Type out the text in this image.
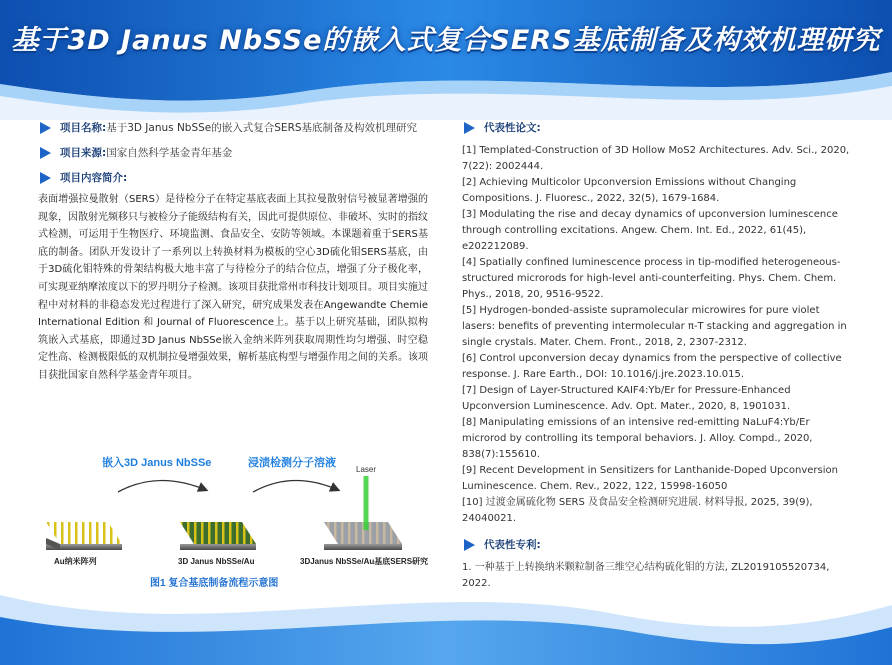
基于3D Janus NbSSe的嵌入式复合SERS基底制备及构效机理研究
项目名称: 基于3D Janus NbSSe的嵌入式复合SERS基底制备及构效机理研究
项目来源: 国家自然科学基金青年基金
项目内容简介:

表面增强拉曼散射（SERS）是待检分子在特定基底表面上其拉曼散射信号被显著增强的现象，因散射光频移只与被检分子能级结构有关，因此可提供原位、非破坏、实时的指纹式检测，可运用于生物医疗、环境监测、食品安全、安防等领域。本课题着重于SERS基底的制备。团队开发设计了一系列以上转换材料为模板的空心3D硫化钼SERS基底，由于3D硫化钼特殊的骨架结构极大地丰富了与待检分子的结合位点，增强了分子极化率，可实现亚纳摩浓度以下的罗丹明分子检测。该项目获批常州市科技计划项目。项目实施过程中对材料的非稳态发光过程进行了深入研究，研究成果发表在Angewandte Chemie International Edition 和 Journal of Fluorescence上。基于以上研究基础，团队拟构筑嵌入式基底，即通过3D Janus NbSSe嵌入金纳米阵列获取周期性均匀增强、时空稳定性高、检测极限低的双机制拉曼增强效果，解析基底构型与增强作用之间的关系。该项目获批国家自然科学基金青年项目。

嵌入3D Janus NbSSe	浸渍检测分子溶液
Laser
Au纳米阵列	3D Janus NbSSe/Au	3DJanus NbSSe/Au基底SERS研究
图1 复合基底制备流程示意图
代表性论文:
[1] Templated-Construction of 3D Hollow MoS2 Architectures. Adv. Sci., 2020, 7(22): 2002444.
[2] Achieving Multicolor Upconversion Emissions without Changing Compositions. J. Fluoresc., 2022, 32(5), 1679-1684.
[3] Modulating the rise and decay dynamics of upconversion luminescence through controlling excitations. Angew. Chem. Int. Ed., 2022, 61(45), e202212089.
[4] Spatially confined luminescence process in tip-modified heterogeneous-structured microrods for high-level anti-counterfeiting. Phys. Chem. Chem. Phys., 2018, 20, 9516-9522.
[5] Hydrogen-bonded-assiste supramolecular microwires for pure violet lasers: benefits of preventing intermolecular π-T stacking and aggregation in single crystals. Mater. Chem. Front., 2018, 2, 2307-2312.
[6] Control upconversion decay dynamics from the perspective of collective response. J. Rare Earth., DOI: 10.1016/j.jre.2023.10.015.
[7] Design of Layer-Structured KAIF4:Yb/Er for Pressure-Enhanced Upconversion Luminescence. Adv. Opt. Mater., 2020, 8, 1901031.
[8] Manipulating emissions of an intensive red-emitting NaLuF4:Yb/Er microrod by controlling its temporal behaviors. J. Alloy. Compd., 2020, 838(7):155610.
[9] Recent Development in Sensitizers for Lanthanide-Doped Upconversion Luminescence. Chem. Rev., 2022, 122, 15998-16050
[10] 过渡金属硫化物 SERS 及食品安全检测研究进展. 材料导报, 2025, 39(9), 24040021.
代表性专利:
1. 一种基于上转换纳米颗粒制备三维空心结构硫化钼的方法, ZL201910552073​4, 2022.
